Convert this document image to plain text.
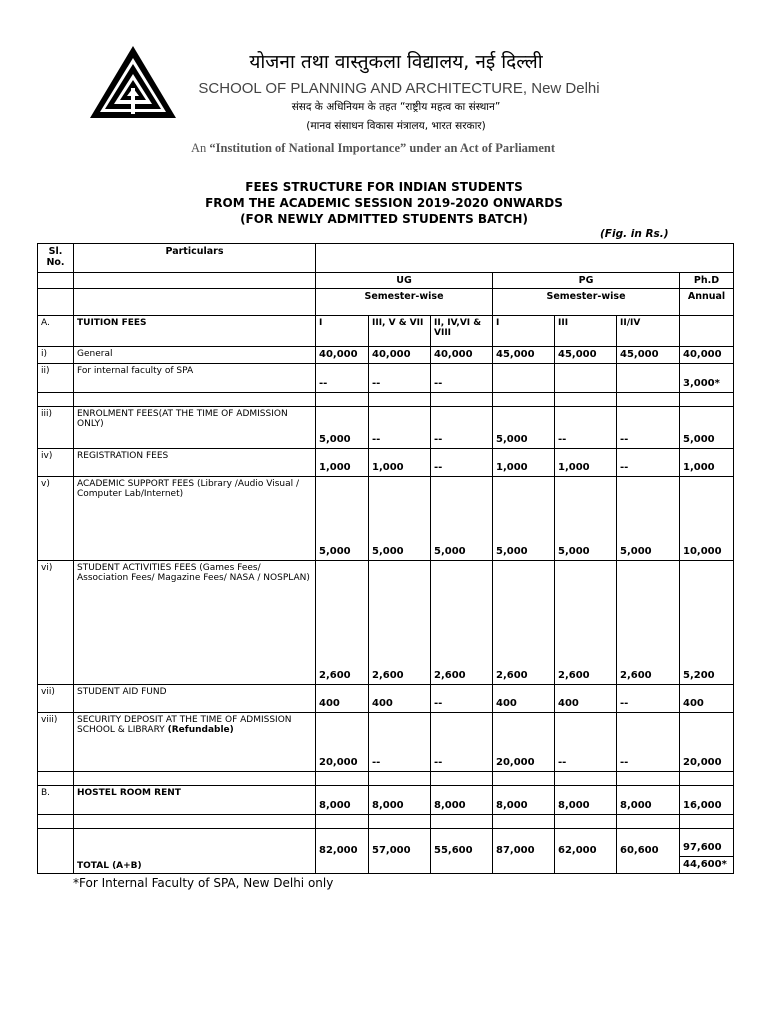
योजना तथा वास्तुकला विद्यालय, नई दिल्ली
SCHOOL OF PLANNING AND ARCHITECTURE, New Delhi
संसद के अधिनियम के तहत “राष्ट्रीय महत्व का संस्थान”
(मानव संसाधन विकास मंत्रालय, भारत सरकार)
An “Institution of National Importance” under an Act of Parliament
FEES STRUCTURE FOR INDIAN STUDENTS
FROM THE ACADEMIC SESSION 2019-2020 ONWARDS
(FOR NEWLY ADMITTED STUDENTS BATCH)
(Fig. in Rs.)
Sl. No.	Particulars							
		UG			PG			Ph.D
		Semester-wise			Semester-wise			Annual
A.	TUITION FEES	I	III, V & VII	II, IV,VI & VIII	I	III	II/IV	
i)	General	40,000	40,000	40,000	45,000	45,000	45,000	40,000
ii)	For internal faculty of SPA	--	--	--				3,000*

iii)	ENROLMENT FEES(AT THE TIME OF ADMISSION ONLY)	5,000	--	--	5,000	--	--	5,000
iv)	REGISTRATION FEES	1,000	1,000	--	1,000	1,000	--	1,000
v)	ACADEMIC SUPPORT FEES (Library /Audio Visual / Computer Lab/Internet)	5,000	5,000	5,000	5,000	5,000	5,000	10,000
vi)	STUDENT ACTIVITIES FEES (Games Fees/ Association Fees/ Magazine Fees/ NASA / NOSPLAN)	2,600	2,600	2,600	2,600	2,600	2,600	5,200
vii)	STUDENT AID FUND	400	400	--	400	400	--	400
viii)	SECURITY DEPOSIT AT THE TIME OF ADMISSION SCHOOL & LIBRARY (Refundable)	20,000	--	--	20,000	--	--	20,000

B.	HOSTEL ROOM RENT	8,000	8,000	8,000	8,000	8,000	8,000	16,000

	TOTAL (A+B)	82,000	57,000	55,600	87,000	62,000	60,600	97,600
								44,600*
*For Internal Faculty of SPA, New Delhi only
